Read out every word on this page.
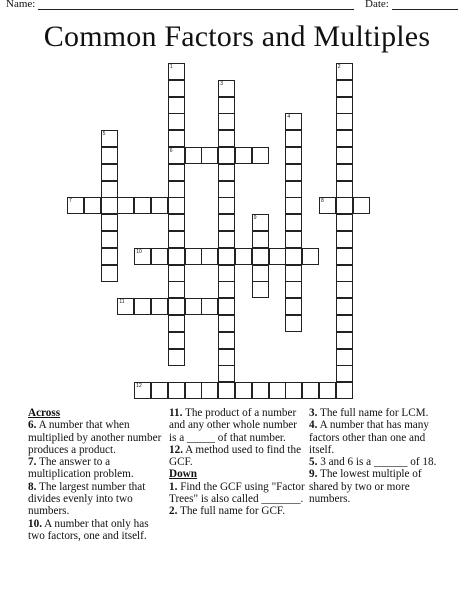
Name:	Date:
Common Factors and Multiples
1
6
2
3
4
5
9
7	8
10
11
12
Across
6. A number that when multiplied by another number produces a product.
7. The answer to a multiplication problem.
8. The largest number that divides evenly into two numbers.
10. A number that only has two factors, one and itself.
11. The product of a number and any other whole number is a _____ of that number.
12. A method used to find the GCF.
Down
1. Find the GCF using "Factor Trees" is also called _______.
2. The full name for GCF.
3. The full name for LCM.
4. A number that has many factors other than one and itself.
5. 3 and 6 is a ______ of 18.
9. The lowest multiple of shared by two or more numbers.
